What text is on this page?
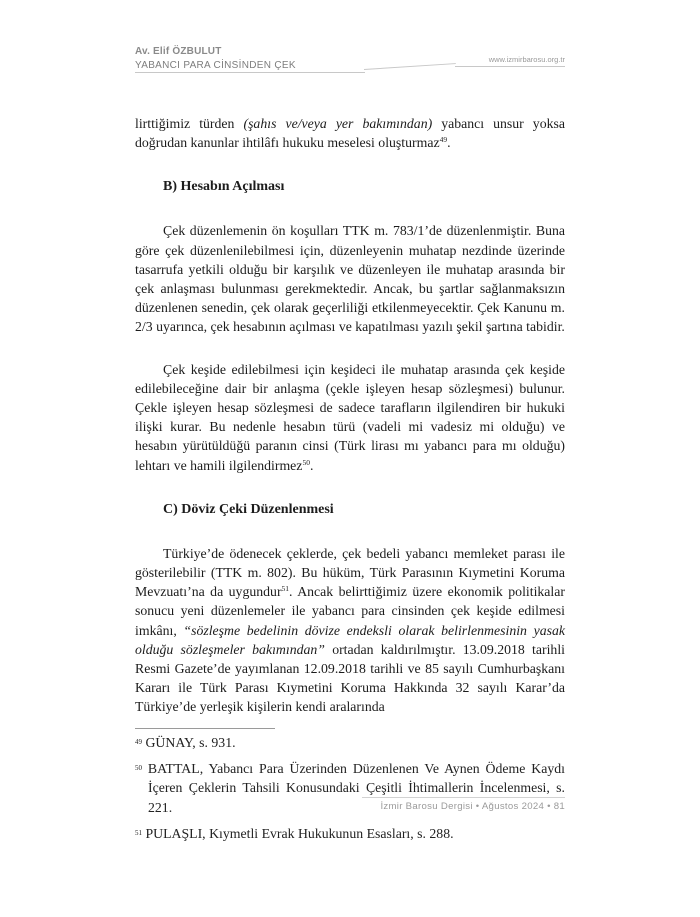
Av. Elif ÖZBULUT
YABANCI PARA CİNSİNDEN ÇEK
www.izmirbarosu.org.tr

lirttiğimiz türden (şahıs ve/veya yer bakımından) yabancı unsur yoksa doğrudan kanunlar ihtilâfı hukuku meselesi oluşturmaz$^{49}$.

B) Hesabın Açılması

Çek düzenlemenin ön koşulları TTK m. 783/1’de düzenlenmiştir. Buna göre çek düzenlenilebilmesi için, düzenleyenin muhatap nezdinde üzerinde tasarrufa yetkili olduğu bir karşılık ve düzenleyen ile muhatap arasında bir çek anlaşması bulunması gerekmektedir. Ancak, bu şartlar sağlanmaksızın düzenlenen senedin, çek olarak geçerliliği etkilenmeyecektir. Çek Kanunu m. 2/3 uyarınca, çek hesabının açılması ve kapatılması yazılı şekil şartına tabidir.

Çek keşide edilebilmesi için keşideci ile muhatap arasında çek keşide edilebileceğine dair bir anlaşma (çekle işleyen hesap sözleşmesi) bulunur. Çekle işleyen hesap sözleşmesi de sadece tarafların ilgilendiren bir hukuki ilişki kurar. Bu nedenle hesabın türü (vadeli mi vadesiz mi olduğu) ve hesabın yürütüldüğü paranın cinsi (Türk lirası mı yabancı para mı olduğu) lehtarı ve hamili ilgilendirmez$^{50}$.

C) Döviz Çeki Düzenlenmesi

Türkiye’de ödenecek çeklerde, çek bedeli yabancı memleket parası ile gösterilebilir (TTK m. 802). Bu hüküm, Türk Parasının Kıymetini Koruma Mevzuatı’na da uygundur$^{51}$. Ancak belirttiğimiz üzere ekonomik politikalar sonucu yeni düzenlemeler ile yabancı para cinsinden çek keşide edilmesi imkânı, “sözleşme bedelinin dövize endeksli olarak belirlenmesinin yasak olduğu sözleşmeler bakımından” ortadan kaldırılmıştır. 13.09.2018 tarihli Resmi Gazete’de yayımlanan 12.09.2018 tarihli ve 85 sayılı Cumhurbaşkanı Kararı ile Türk Parası Kıymetini Koruma Hakkında 32 sayılı Karar’da Türkiye’de yerleşik kişilerin kendi aralarında

$^{49}$ GÜNAY, s. 931.

$^{50}$ BATTAL, Yabancı Para Üzerinden Düzenlenen Ve Aynen Ödeme Kaydı İçeren Çeklerin Tahsili Konusundaki Çeşitli İhtimallerin İncelenmesi, s. 221.

$^{51}$ PULAŞLI, Kıymetli Evrak Hukukunun Esasları, s. 288.

İzmir Barosu Dergisi • Ağustos 2024 • 81
